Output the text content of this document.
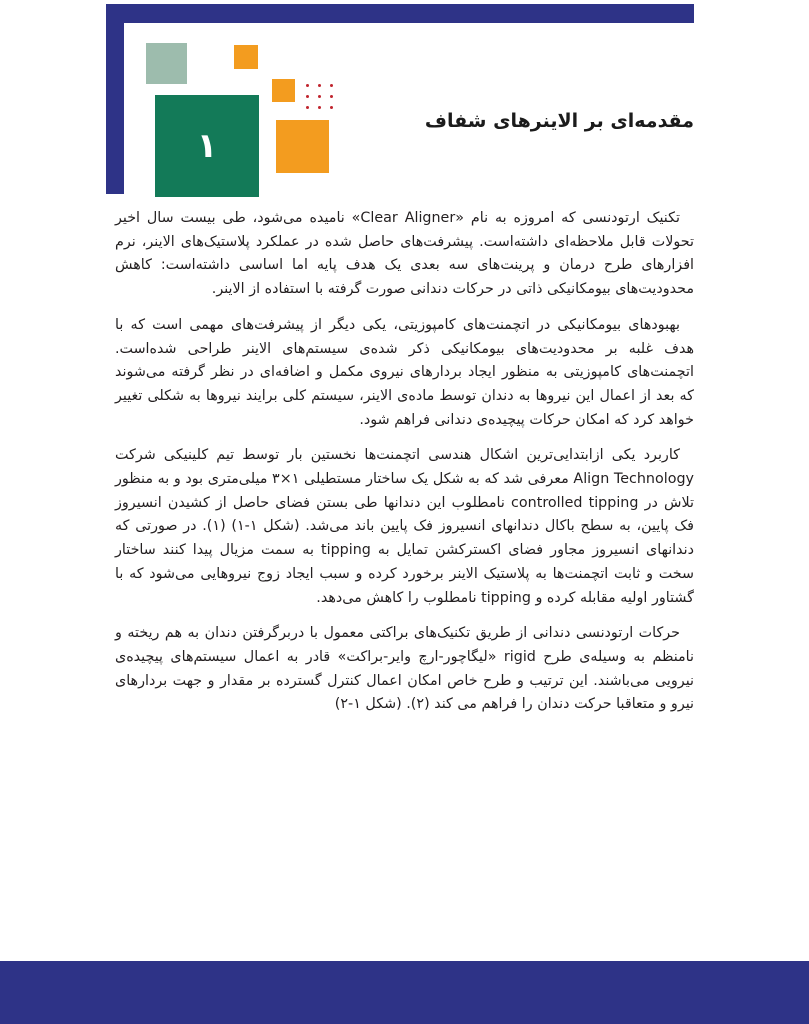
۱
مقدمه‌ای بر الاینرهای شفاف

تکنیک ارتودنسی که امروزه به نام «Clear Aligner» نامیده می‌شود، طی بیست سال اخیر تحولات قابل ملاحظه‌ای داشته‌است. پیشرفت‌های حاصل شده در عملکرد پلاستیک‌های الاینر، نرم افزارهای طرح درمان و پرینت‌های سه بعدی یک هدف پایه اما اساسی داشته‌است: کاهش محدودیت‌های بیومکانیکی ذاتی در حرکات دندانی صورت گرفته با استفاده از الاینر.

بهبودهای بیومکانیکی در اتچمنت‌های کامپوزیتی، یکی دیگر از پیشرفت‌های مهمی است که با هدف غلبه بر محدودیت‌های بیومکانیکی ذکر شده‌ی سیستم‌های الاینر طراحی شده‌است. اتچمنت‌های کامپوزیتی به منظور ایجاد بردارهای نیروی مکمل و اضافه‌ای در نظر گرفته می‌شوند که بعد از اعمال این نیروها به دندان توسط ماده‌ی الاینر، سیستم کلی برایند نیروها به شکلی تغییر خواهد کرد که امکان حرکات پیچیده‌ی دندانی فراهم شود.

کاربرد یکی ازابتدایی‌ترین اشکال هندسی اتچمنت‌ها نخستین بار توسط تیم کلینیکی شرکت Align Technology معرفی شد که به شکل یک ساختار مستطیلی ۱×۳ میلی‌متری بود و به منظور تلاش در controlled tipping نامطلوب این دندانها طی بستن فضای حاصل از کشیدن انسیروز فک پایین، به سطح باکال دندانهای انسیروز فک پایین باند می‌شد. (شکل ۱-۱) (۱). در صورتی که دندانهای انسیروز مجاور فضای اکسترکشن تمایل به tipping به سمت مزیال پیدا کنند ساختار سخت و ثابت اتچمنت‌ها به پلاستیک الاینر برخورد کرده و سبب ایجاد زوج نیروهایی می‌شود که با گشتاور اولیه مقابله کرده و tipping نامطلوب را کاهش می‌دهد.

حرکات ارتودنسی دندانی از طریق تکنیک‌های براکتی معمول با دربرگرفتن دندان به هم ریخته و نامنظم به وسیله‌ی طرح rigid «لیگاچور-ارچ وایر-براکت» قادر به اعمال سیستم‌های پیچیده‌ی نیرویی می‌باشند. این ترتیب و طرح خاص امکان اعمال کنترل گسترده بر مقدار و جهت بردارهای نیرو و متعاقبا حرکت دندان را فراهم می کند (۲). (شکل ۱-۲)
